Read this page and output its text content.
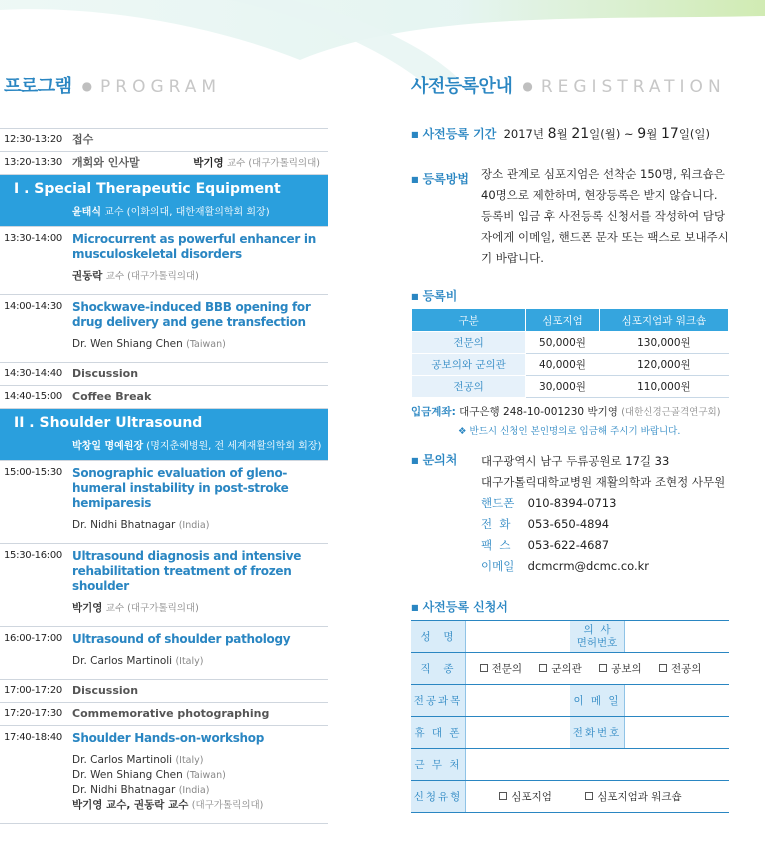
프로그램 ● PROGRAM
12:30-13:20 접수
13:20-13:30 개회와 인사말	박기영 교수 (대구가톨릭의대)
I . Special Therapeutic Equipment
윤태식 교수 (이화의대, 대한재활의학회 회장)
13:30-14:00 Microcurrent as powerful enhancer in musculoskeletal disorders
권동락 교수 (대구가톨릭의대)
14:00-14:30 Shockwave-induced BBB opening for drug delivery and gene transfection
Dr. Wen Shiang Chen (Taiwan)
14:30-14:40 Discussion
14:40-15:00 Coffee Break
II . Shoulder Ultrasound
박창일 명예원장 (명지춘혜병원, 전 세계재활의학회 회장)
15:00-15:30 Sonographic evaluation of gleno-humeral instability in post-stroke hemiparesis
Dr. Nidhi Bhatnagar (India)
15:30-16:00 Ultrasound diagnosis and intensive rehabilitation treatment of frozen shoulder
박기영 교수 (대구가톨릭의대)
16:00-17:00 Ultrasound of shoulder pathology
Dr. Carlos Martinoli (Italy)
17:00-17:20 Discussion
17:20-17:30 Commemorative photographing
17:40-18:40 Shoulder Hands-on-workshop
Dr. Carlos Martinoli (Italy)
Dr. Wen Shiang Chen (Taiwan)
Dr. Nidhi Bhatnagar (India)
박기영 교수, 권동락 교수 (대구가톨릭의대)
사전등록안내 ● REGISTRATION
■ 사전등록 기간 2017년 8월 21일(월) ~ 9월 17일(일)
■ 등록방법 장소 관계로 심포지엄은 선착순 150명, 워크숍은 40명으로 제한하며, 현장등록은 받지 않습니다. 등록비 입금 후 사전등록 신청서를 작성하여 담당자에게 이메일, 핸드폰 문자 또는 팩스로 보내주시기 바랍니다.
■ 등록비
구분	심포지엄	심포지엄과 워크숍
전문의	50,000원	130,000원
공보의와 군의관	40,000원	120,000원
전공의	30,000원	110,000원
입금계좌: 대구은행 248-10-001230 박기영 (대한신경근골격연구회)
❖ 반드시 신청인 본인명의로 입금해 주시기 바랍니다.
■ 문의처 대구광역시 남구 두류공원로 17길 33
대구가톨릭대학교병원 재활의학과 조현정 사무원
핸드폰 010-8394-0713
전  화 053-650-4894
팩  스 053-622-4687
이메일 dcmcrm@dcmc.co.kr
■ 사전등록 신청서
성  명		의  사
면허번호	
직  종	전문의 군의관 공보의 전공의		
전공과목		이 메 일	
휴 대 폰		전화번호	
근 무 처			
신청유형	심포지엄 심포지엄과 워크숍		
